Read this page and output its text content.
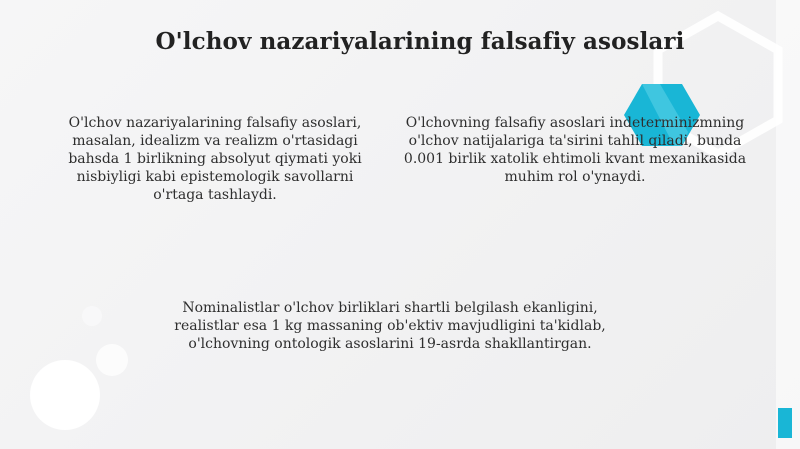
O'lchov nazariyalarining falsafiy asoslari
O'lchov nazariyalarining falsafiy asoslari, masalan, idealizm va realizm o'rtasidagi bahsda 1 birlikning absolyut qiymati yoki nisbiyligi kabi epistemologik savollarni o'rtaga tashlaydi.
O'lchovning falsafiy asoslari indeterminizmning o'lchov natijalariga ta'sirini tahlil qiladi, bunda 0.001 birlik xatolik ehtimoli kvant mexanikasida muhim rol o'ynaydi.
Nominalistlar o'lchov birliklari shartli belgilash ekanligini, realistlar esa 1 kg massaning ob'ektiv mavjudligini ta'kidlab, o'lchovning ontologik asoslarini 19-asrda shakllantirgan.
